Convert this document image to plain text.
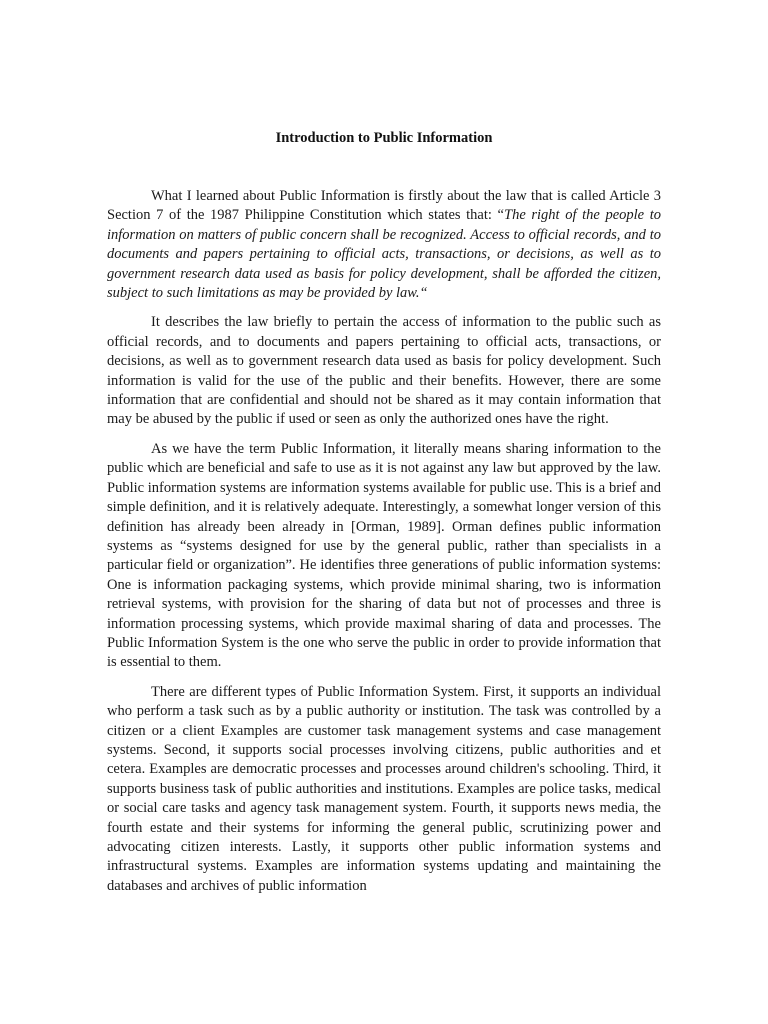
Introduction to Public Information

What I learned about Public Information is firstly about the law that is called Article 3 Section 7 of the 1987 Philippine Constitution which states that: “The right of the people to information on matters of public concern shall be recognized. Access to official records, and to documents and papers pertaining to official acts, transactions, or decisions, as well as to government research data used as basis for policy development, shall be afforded the citizen, subject to such limitations as may be provided by law.“

It describes the law briefly to pertain the access of information to the public such as official records, and to documents and papers pertaining to official acts, transactions, or decisions, as well as to government research data used as basis for policy development. Such information is valid for the use of the public and their benefits. However, there are some information that are confidential and should not be shared as it may contain information that may be abused by the public if used or seen as only the authorized ones have the right.

As we have the term Public Information, it literally means sharing information to the public which are beneficial and safe to use as it is not against any law but approved by the law. Public information systems are information systems available for public use. This is a brief and simple definition, and it is relatively adequate. Interestingly, a somewhat longer version of this definition has already been already in [Orman, 1989]. Orman defines public information systems as “systems designed for use by the general public, rather than specialists in a particular field or organization”. He identifies three generations of public information systems: One is information packaging systems, which provide minimal sharing, two is information retrieval systems, with provision for the sharing of data but not of processes and three is information processing systems, which provide maximal sharing of data and processes. The Public Information System is the one who serve the public in order to provide information that is essential to them.

There are different types of Public Information System. First, it supports an individual who perform a task such as by a public authority or institution. The task was controlled by a citizen or a client Examples are customer task management systems and case management systems. Second, it supports social processes involving citizens, public authorities and et cetera. Examples are democratic processes and processes around children's schooling. Third, it supports business task of public authorities and institutions. Examples are police tasks, medical or social care tasks and agency task management system. Fourth, it supports news media, the fourth estate and their systems for informing the general public, scrutinizing power and advocating citizen interests. Lastly, it supports other public information systems and infrastructural systems. Examples are information systems updating and maintaining the databases and archives of public information
